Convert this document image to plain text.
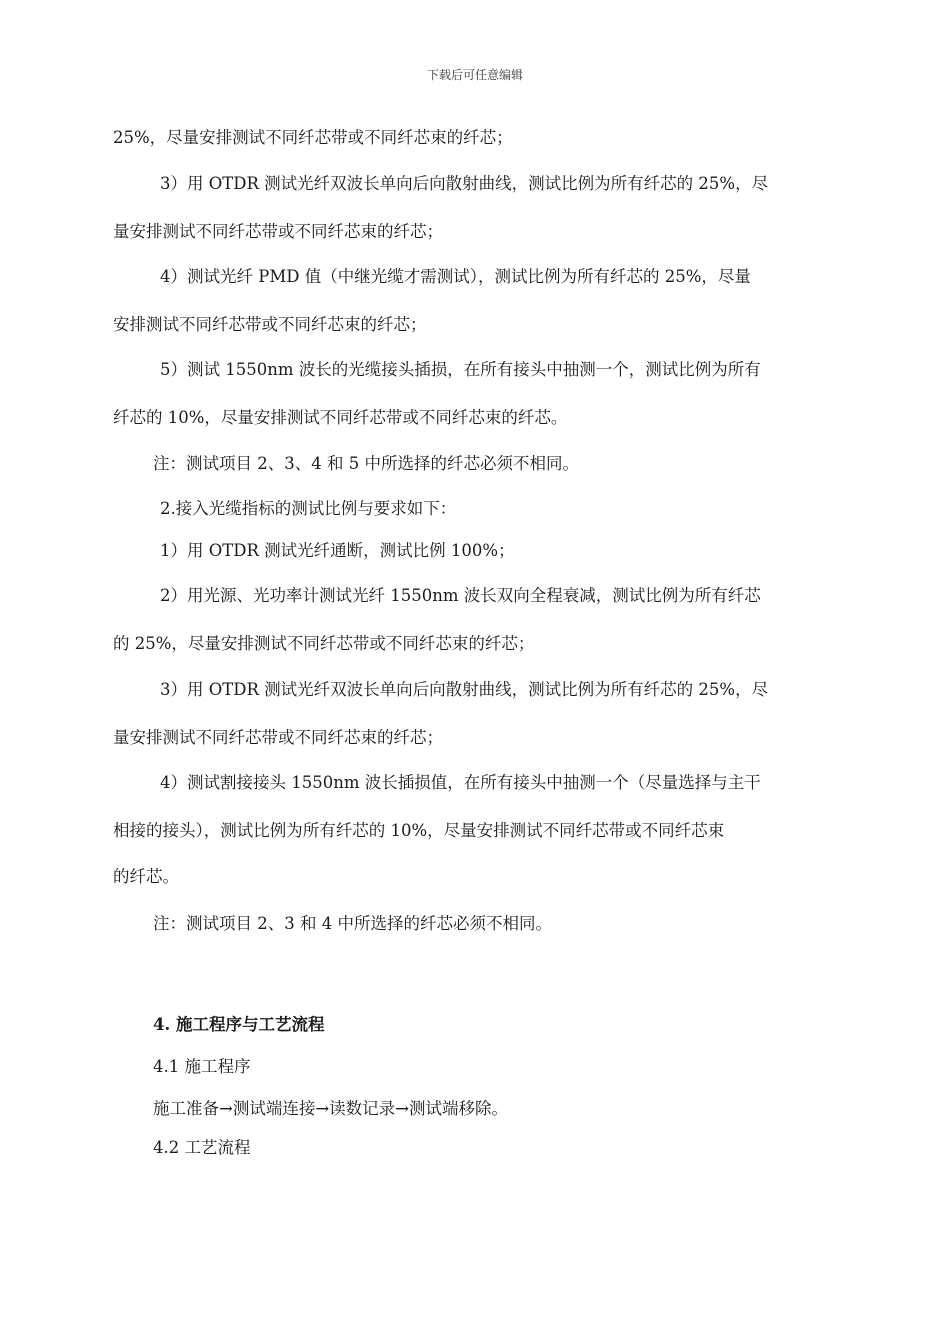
下载后可任意编辑
25%，尽量安排测试不同纤芯带或不同纤芯束的纤芯；
3）用 OTDR 测试光纤双波长单向后向散射曲线，测试比例为所有纤芯的 25%，尽
量安排测试不同纤芯带或不同纤芯束的纤芯；
4）测试光纤 PMD 值（中继光缆才需测试），测试比例为所有纤芯的 25%，尽量
安排测试不同纤芯带或不同纤芯束的纤芯；
5）测试 1550nm 波长的光缆接头插损，在所有接头中抽测一个，测试比例为所有
纤芯的 10%，尽量安排测试不同纤芯带或不同纤芯束的纤芯。
注：测试项目 2、3、4 和 5 中所选择的纤芯必须不相同。
2.接入光缆指标的测试比例与要求如下：
1）用 OTDR 测试光纤通断，测试比例 100%；
2）用光源、光功率计测试光纤 1550nm 波长双向全程衰减，测试比例为所有纤芯
的 25%，尽量安排测试不同纤芯带或不同纤芯束的纤芯；
3）用 OTDR 测试光纤双波长单向后向散射曲线，测试比例为所有纤芯的 25%，尽
量安排测试不同纤芯带或不同纤芯束的纤芯；
4）测试割接接头 1550nm 波长插损值，在所有接头中抽测一个（尽量选择与主干
相接的接头），测试比例为所有纤芯的 10%，尽量安排测试不同纤芯带或不同纤芯束
的纤芯。
注：测试项目 2、3 和 4 中所选择的纤芯必须不相同。
4. 施工程序与工艺流程
4.1 施工程序
施工准备→测试端连接→读数记录→测试端移除。
4.2 工艺流程
